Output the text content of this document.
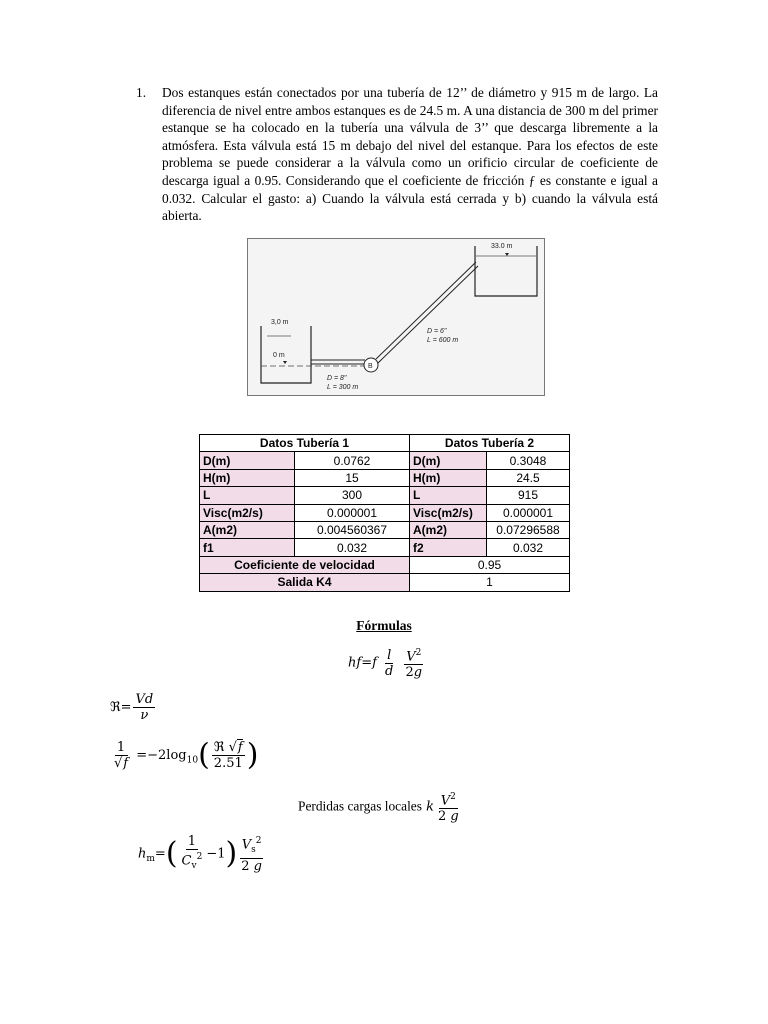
1. Dos estanques están conectados por una tubería de 12’’ de diámetro y 915 m de largo. La diferencia de nivel entre ambos estanques es de 24.5 m. A una distancia de 300 m del primer estanque se ha colocado en la tubería una válvula de 3’’ que descarga libremente a la atmósfera. Esta válvula está 15 m debajo del nivel del estanque. Para los efectos de este problema se puede considerar a la válvula como un orificio circular de coeficiente de descarga igual a 0.95. Considerando que el coeficiente de fricción ƒ es constante e igual a 0.032. Calcular el gasto: a) Cuando la válvula está cerrada y b) cuando la válvula está abierta.
33.0 m
3,0 m
0 m
B
D = 6"
L = 600 m
D = 8"
L = 300 m
Datos Tubería 1		Datos Tubería 2	
D(m)	0.0762	D(m)	0.3048
H(m)	15	H(m)	24.5
L	300	L	915
Visc(m2/s)	0.000001	Visc(m2/s)	0.000001
A(m2)	0.004560367	A(m2)	0.07296588
f1	0.032	f2	0.032
Coeficiente de velocidad		0.95	
Salida K4		1	
Fórmulas
$hf=f \frac{l}{d}$
$\frac{V^2}{2g}$
ℜ= $\frac{Vd}{\nu}$
$\frac{1}{√f} =-2\log_{10}( \frac{\text{ℜ √f}}{2.51}$ )
Perdidas cargas locales k $\frac{V^2}{2 g}$
$h_m=( \frac{1}{C_v^2} -1) \frac{V_s^2}{2 g}$
